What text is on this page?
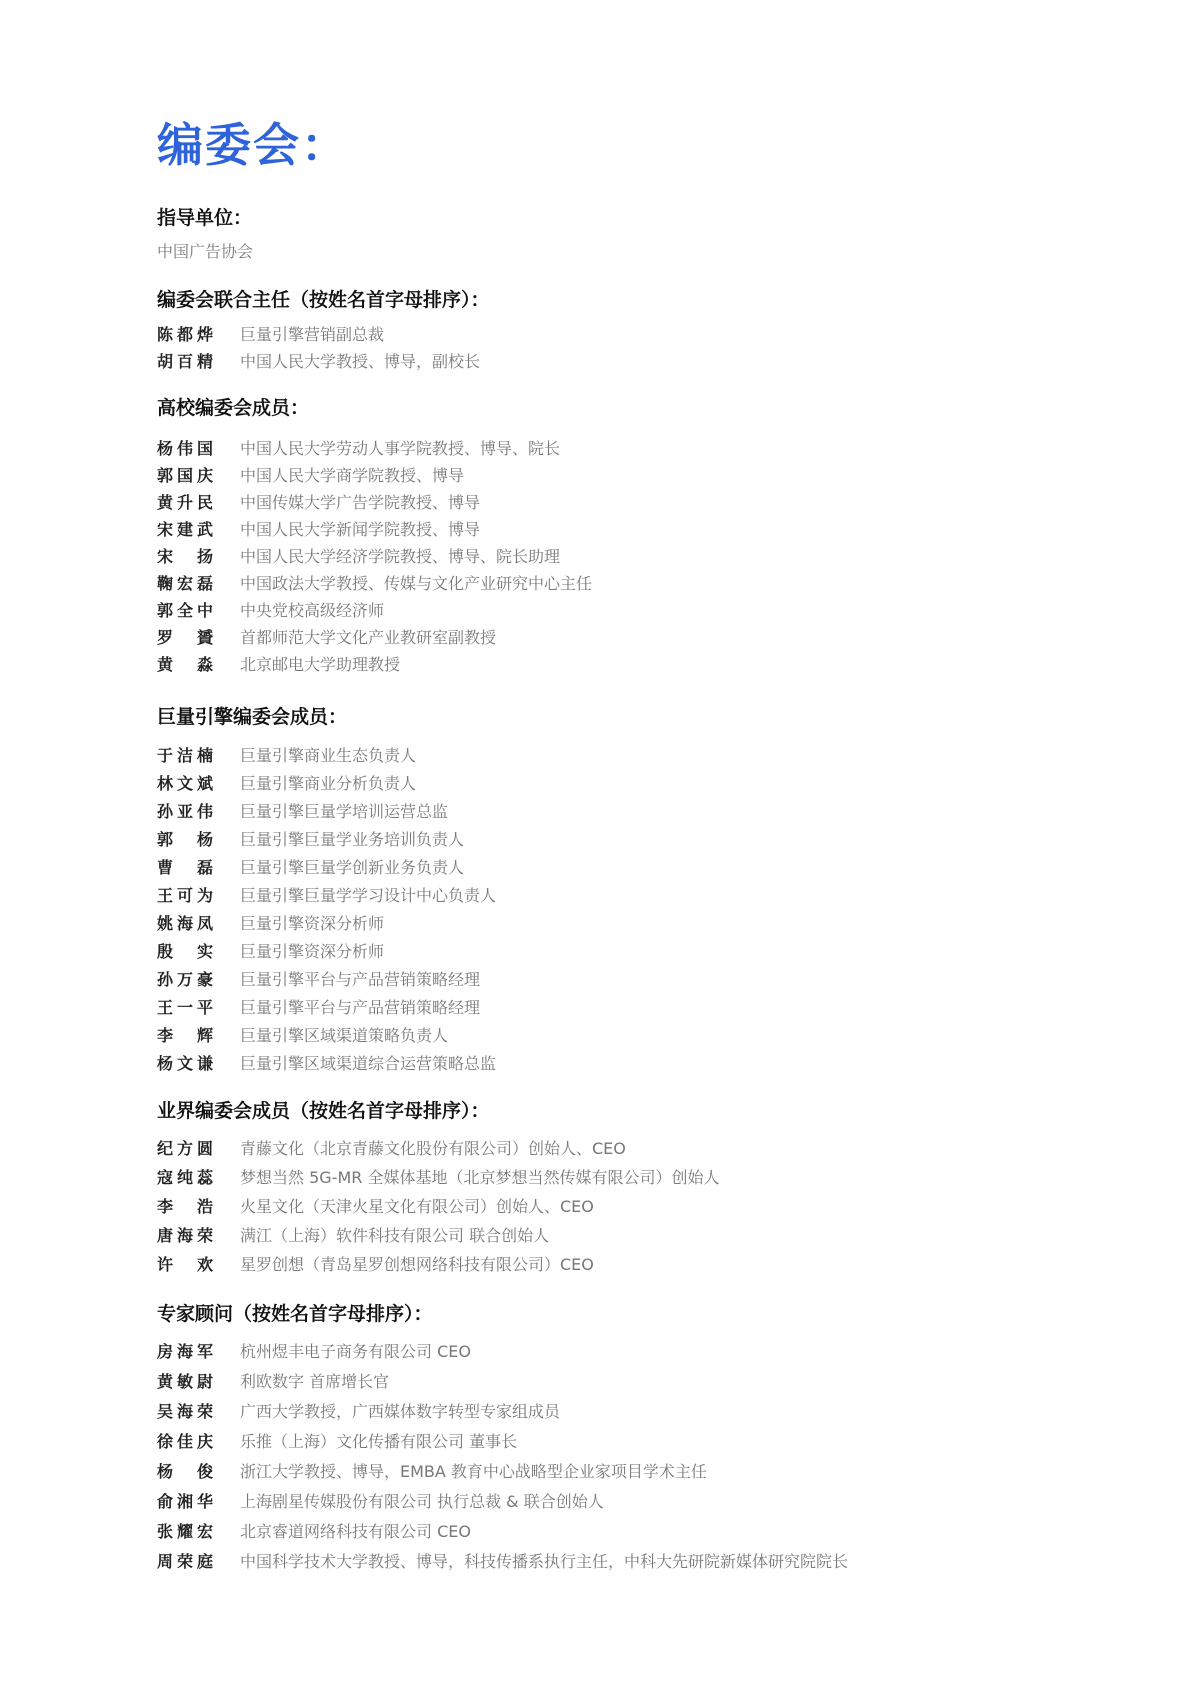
编委会：
指导单位：
中国广告协会
编委会联合主任（按姓名首字母排序）：
陈都烨 巨量引擎营销副总裁
胡百精 中国人民大学教授、博导，副校长
高校编委会成员：
杨伟国 中国人民大学劳动人事学院教授、博导、院长
郭国庆 中国人民大学商学院教授、博导
黄升民 中国传媒大学广告学院教授、博导
宋建武 中国人民大学新闻学院教授、博导
宋扬 中国人民大学经济学院教授、博导、院长助理
鞠宏磊 中国政法大学教授、传媒与文化产业研究中心主任
郭全中 中央党校高级经济师
罗贇 首都师范大学文化产业教研室副教授
黄淼 北京邮电大学助理教授
巨量引擎编委会成员：
于洁楠 巨量引擎商业生态负责人
林文斌 巨量引擎商业分析负责人
孙亚伟 巨量引擎巨量学培训运营总监
郭杨 巨量引擎巨量学业务培训负责人
曹磊 巨量引擎巨量学创新业务负责人
王可为 巨量引擎巨量学学习设计中心负责人
姚海凤 巨量引擎资深分析师
殷实 巨量引擎资深分析师
孙万豪 巨量引擎平台与产品营销策略经理
王一平 巨量引擎平台与产品营销策略经理
李辉 巨量引擎区域渠道策略负责人
杨文谦 巨量引擎区域渠道综合运营策略总监
业界编委会成员（按姓名首字母排序）：
纪方圆 青藤文化（北京青藤文化股份有限公司）创始人、CEO
寇纯蕊 梦想当然 5G-MR 全媒体基地（北京梦想当然传媒有限公司）创始人
李浩 火星文化（天津火星文化有限公司）创始人、CEO
唐海荣 满江（上海）软件科技有限公司 联合创始人
许欢 星罗创想（青岛星罗创想网络科技有限公司）CEO
专家顾问（按姓名首字母排序）：
房海军 杭州煜丰电子商务有限公司 CEO
黄敏尉 利欧数字 首席增长官
吴海荣 广西大学教授，广西媒体数字转型专家组成员
徐佳庆 乐推（上海）文化传播有限公司 董事长
杨俊 浙江大学教授、博导，EMBA 教育中心战略型企业家项目学术主任
俞湘华 上海剧星传媒股份有限公司 执行总裁 & 联合创始人
张耀宏 北京睿道网络科技有限公司 CEO
周荣庭 中国科学技术大学教授、博导，科技传播系执行主任，中科大先研院新媒体研究院院长
